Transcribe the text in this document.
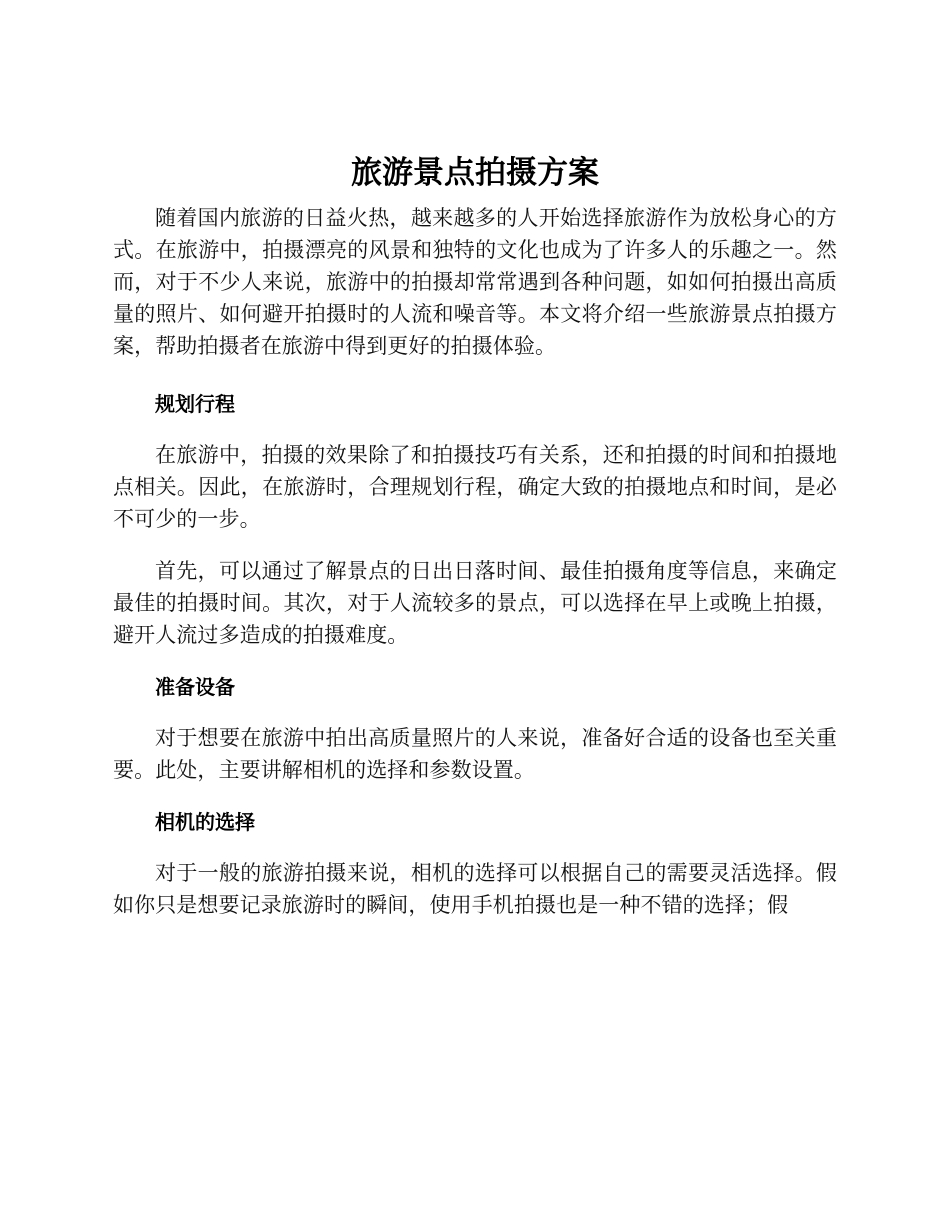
旅游景点拍摄方案

随着国内旅游的日益火热，越来越多的人开始选择旅游作为放松身心的方式。在旅游中，拍摄漂亮的风景和独特的文化也成为了许多人的乐趣之一。然而，对于不少人来说，旅游中的拍摄却常常遇到各种问题，如如何拍摄出高质量的照片、如何避开拍摄时的人流和噪音等。本文将介绍一些旅游景点拍摄方案，帮助拍摄者在旅游中得到更好的拍摄体验。

规划行程

在旅游中，拍摄的效果除了和拍摄技巧有关系，还和拍摄的时间和拍摄地点相关。因此，在旅游时，合理规划行程，确定大致的拍摄地点和时间，是必不可少的一步。

首先，可以通过了解景点的日出日落时间、最佳拍摄角度等信息，来确定最佳的拍摄时间。其次，对于人流较多的景点，可以选择在早上或晚上拍摄，避开人流过多造成的拍摄难度。

准备设备

对于想要在旅游中拍出高质量照片的人来说，准备好合适的设备也至关重要。此处，主要讲解相机的选择和参数设置。

相机的选择

对于一般的旅游拍摄来说，相机的选择可以根据自己的需要灵活选择。假如你只是想要记录旅游时的瞬间，使用手机拍摄也是一种不错的选择；假
